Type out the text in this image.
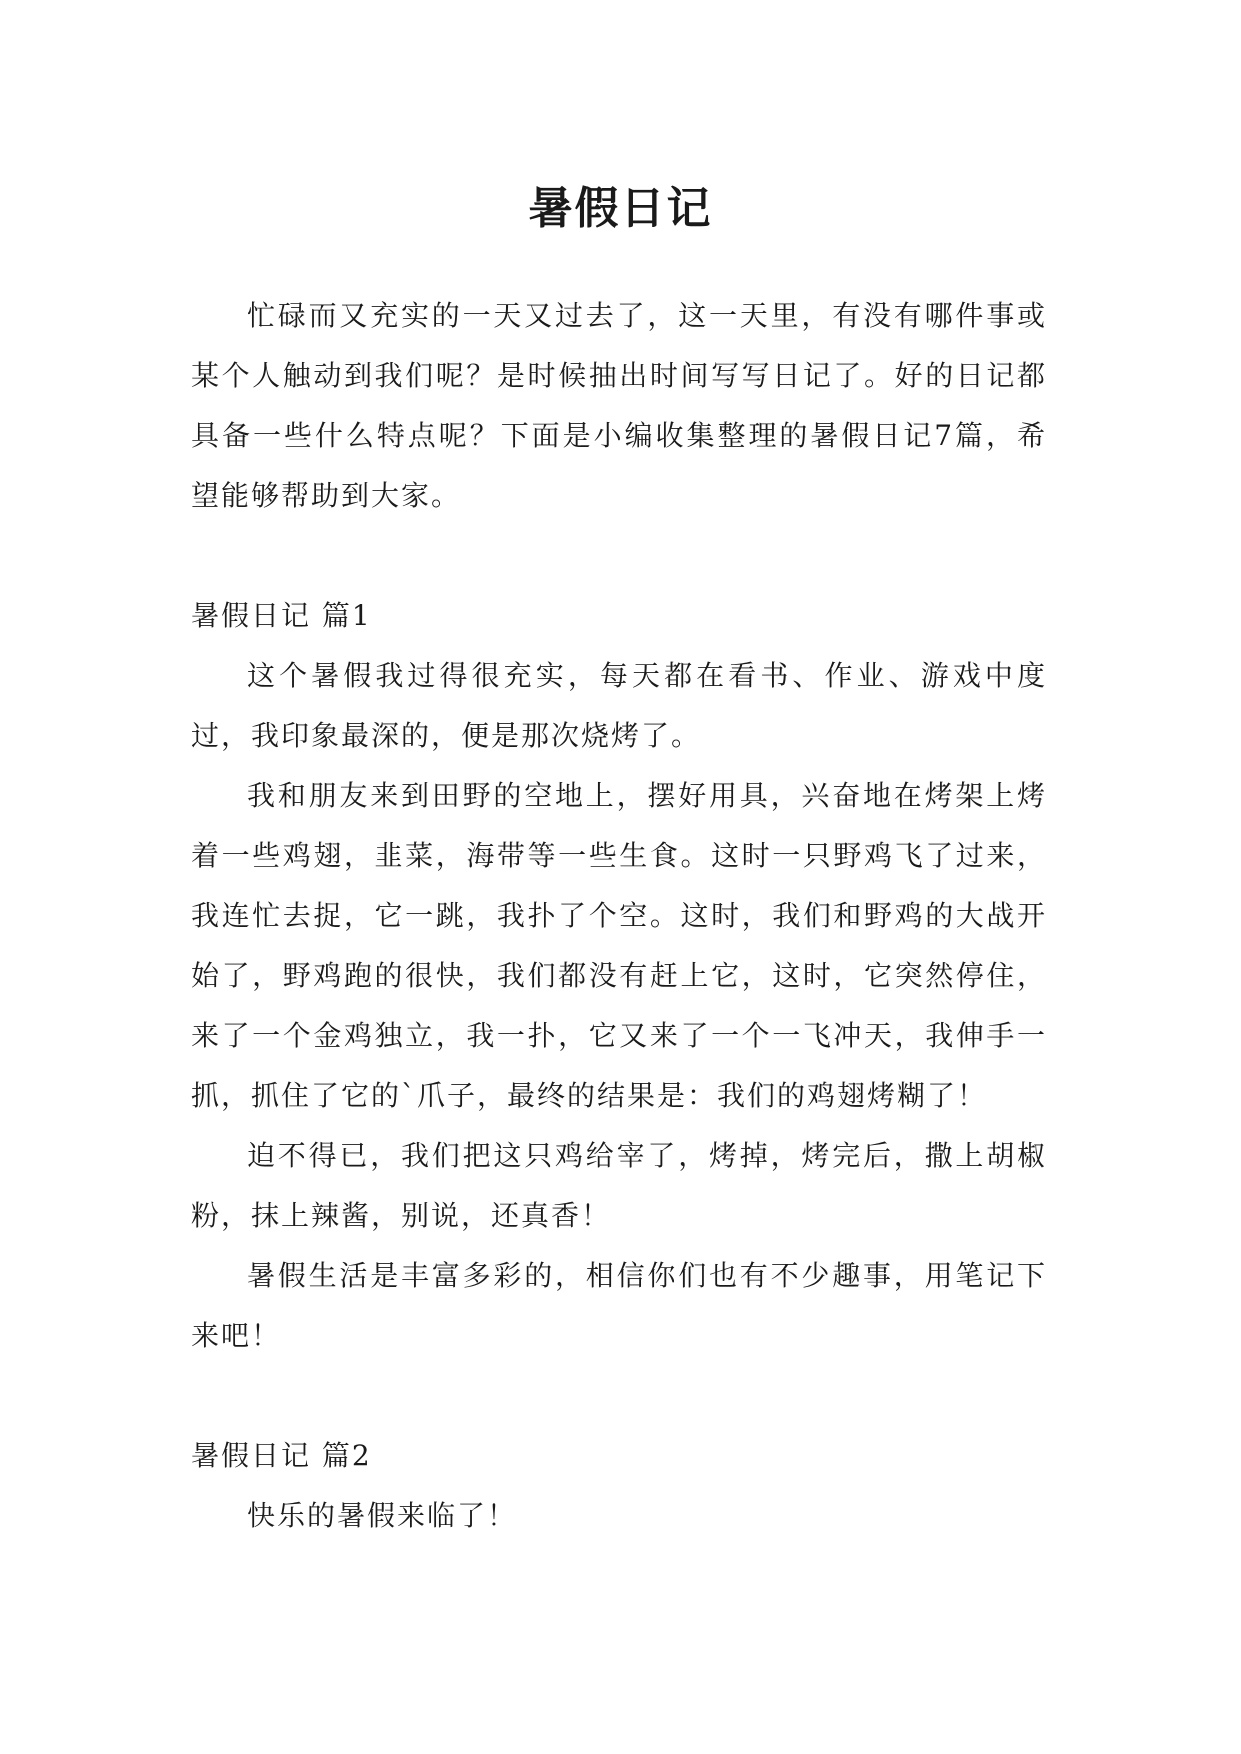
暑假日记

忙碌而又充实的一天又过去了，这一天里，有没有哪件事或某个人触动到我们呢？是时候抽出时间写写日记了。好的日记都具备一些什么特点呢？下面是小编收集整理的暑假日记7篇，希望能够帮助到大家。

暑假日记 篇1

这个暑假我过得很充实，每天都在看书、作业、游戏中度过，我印象最深的，便是那次烧烤了。

我和朋友来到田野的空地上，摆好用具，兴奋地在烤架上烤着一些鸡翅，韭菜，海带等一些生食。这时一只野鸡飞了过来，我连忙去捉，它一跳，我扑了个空。这时，我们和野鸡的大战开始了，野鸡跑的很快，我们都没有赶上它，这时，它突然停住，来了一个金鸡独立，我一扑，它又来了一个一飞冲天，我伸手一抓，抓住了它的`爪子，最终的结果是：我们的鸡翅烤糊了！

迫不得已，我们把这只鸡给宰了，烤掉，烤完后，撒上胡椒粉，抹上辣酱，别说，还真香！

暑假生活是丰富多彩的，相信你们也有不少趣事，用笔记下来吧！

暑假日记 篇2

快乐的暑假来临了！
